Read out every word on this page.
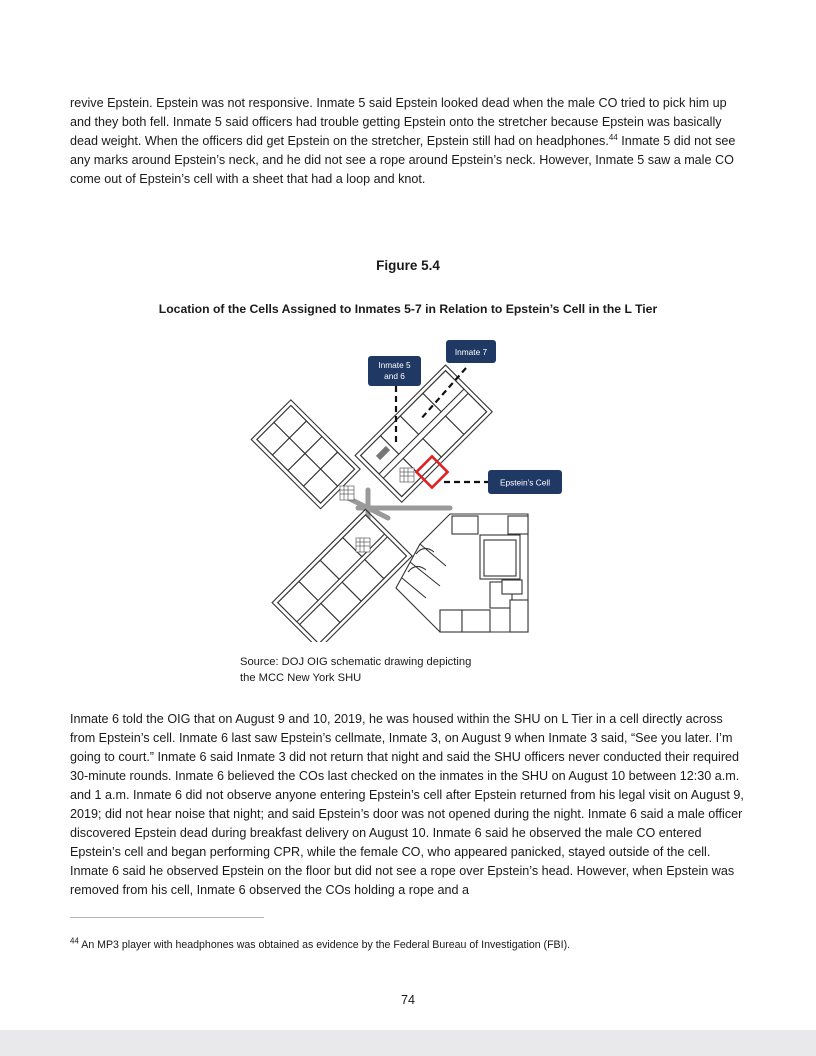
revive Epstein. Epstein was not responsive. Inmate 5 said Epstein looked dead when the male CO tried to pick him up and they both fell. Inmate 5 said officers had trouble getting Epstein onto the stretcher because Epstein was basically dead weight. When the officers did get Epstein on the stretcher, Epstein still had on headphones.$^{44}$ Inmate 5 did not see any marks around Epstein’s neck, and he did not see a rope around Epstein’s neck. However, Inmate 5 saw a male CO come out of Epstein’s cell with a sheet that had a loop and knot.

Figure 5.4
Location of the Cells Assigned to Inmates 5-7 in Relation to Epstein’s Cell in the L Tier
Inmate 7
Inmate 5
and 6
Epstein’s Cell
Source: DOJ OIG schematic drawing depicting
the MCC New York SHU

Inmate 6 told the OIG that on August 9 and 10, 2019, he was housed within the SHU on L Tier in a cell directly across from Epstein’s cell. Inmate 6 last saw Epstein’s cellmate, Inmate 3, on August 9 when Inmate 3 said, “See you later. I’m going to court.” Inmate 6 said Inmate 3 did not return that night and said the SHU officers never conducted their required 30-minute rounds. Inmate 6 believed the COs last checked on the inmates in the SHU on August 10 between 12:30 a.m. and 1 a.m. Inmate 6 did not observe anyone entering Epstein’s cell after Epstein returned from his legal visit on August 9, 2019; did not hear noise that night; and said Epstein’s door was not opened during the night. Inmate 6 said a male officer discovered Epstein dead during breakfast delivery on August 10. Inmate 6 said he observed the male CO entered Epstein’s cell and began performing CPR, while the female CO, who appeared panicked, stayed outside of the cell. Inmate 6 said he observed Epstein on the floor but did not see a rope over Epstein’s head. However, when Epstein was removed from his cell, Inmate 6 observed the COs holding a rope and a

$^{44}$ An MP3 player with headphones was obtained as evidence by the Federal Bureau of Investigation (FBI).
74
